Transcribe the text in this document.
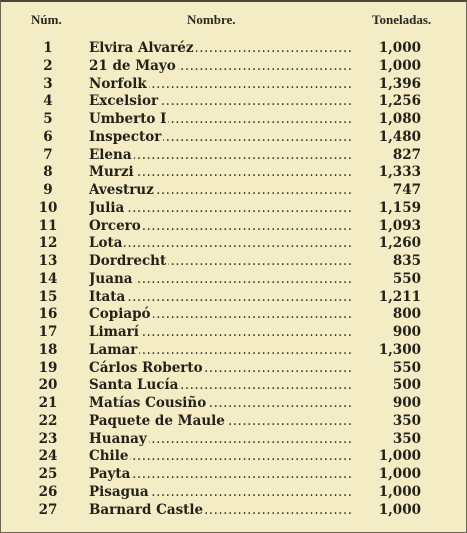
Núm.	Nombre.	Toneladas.
1	Elvira Alvaréz .....	1,000
2	21 de Mayo .....	1,000
3	Norfolk .....	1,396
4	Excelsior .....	1,256
5	Umberto I .....	1,080
6	Inspector .....	1,480
7	Elena .....	827
8	Murzi .....	1,333
9	Avestruz .....	747
10	Julia .....	1,159
11	Orcero .....	1,093
12	Lota .....	1,260
13	Dordrecht .....	835
14	Juana .....	550
15	Itata .....	1,211
16	Copiapó .....	800
17	Limarí .....	900
18	Lamar .....	1,300
19	Cárlos Roberto .....	550
20	Santa Lucía .....	500
21	Matías Cousiño .....	900
22	Paquete de Maule .....	350
23	Huanay .....	350
24	Chile .....	1,000
25	Payta .....	1,000
26	Pisagua .....	1,000
27	Barnard Castle .....	1,000
